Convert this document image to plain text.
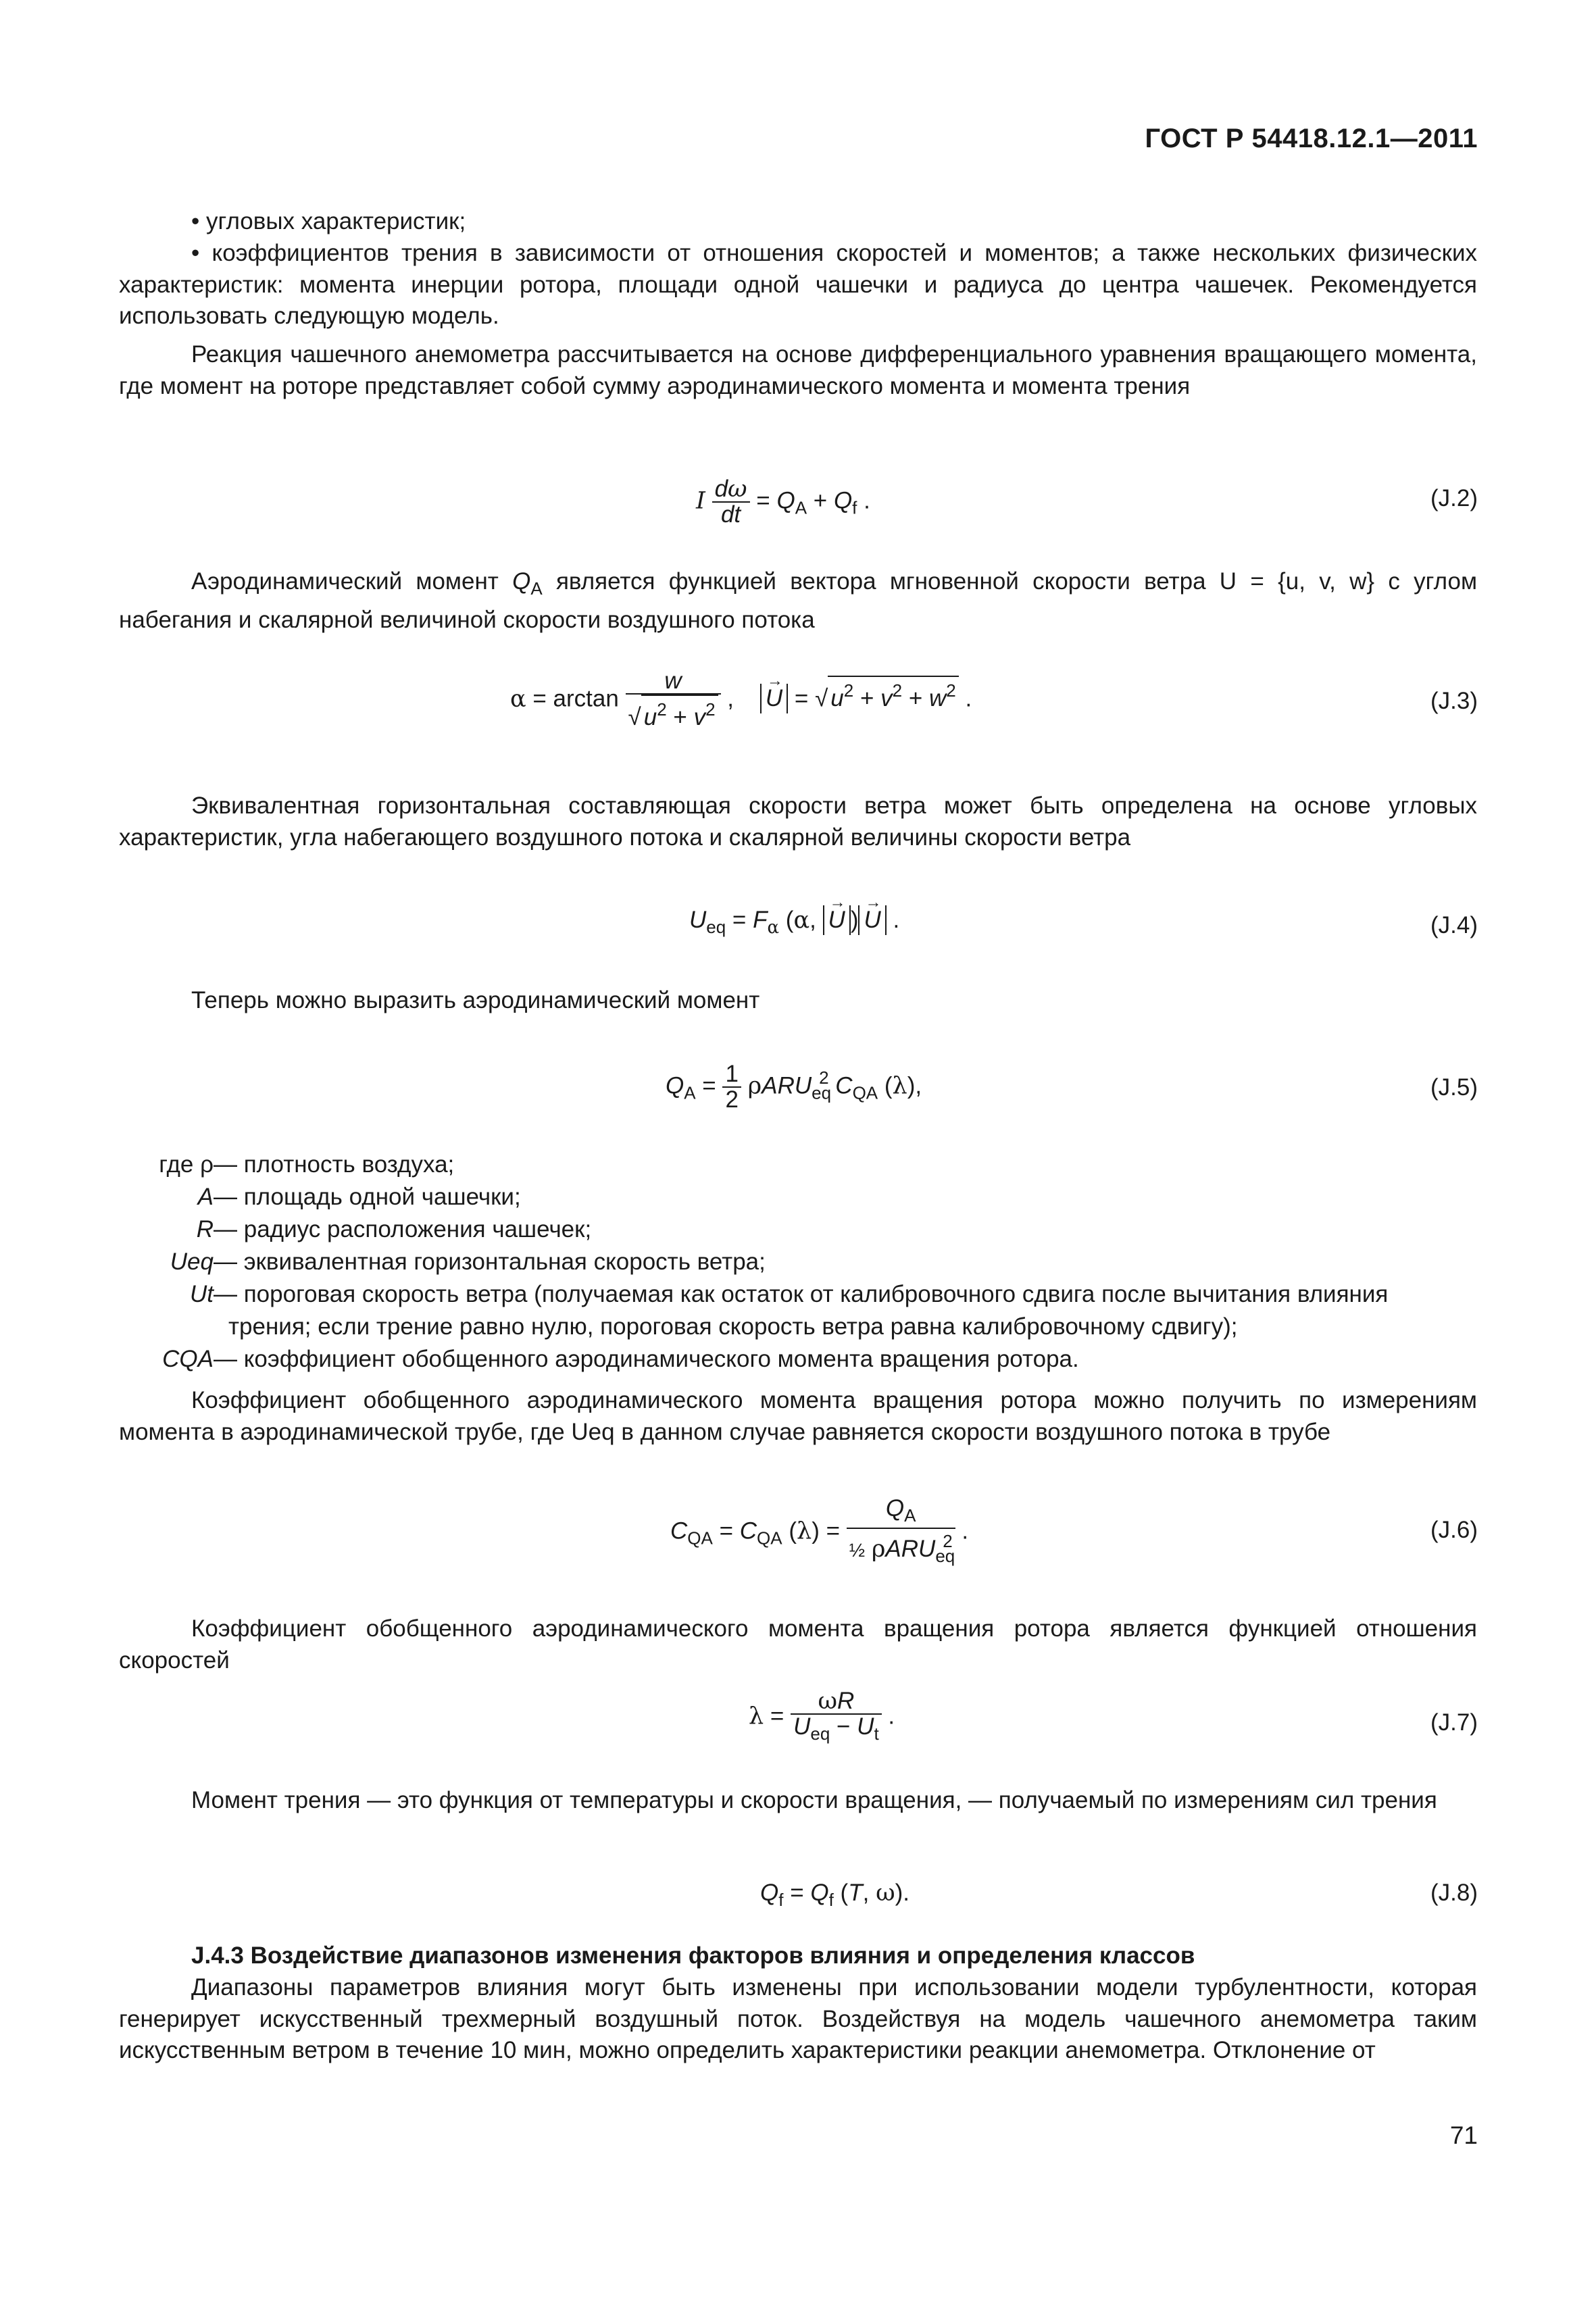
ГОСТ Р 54418.12.1—2011
• угловых характеристик;
• коэффициентов трения в зависимости от отношения скоростей и моментов; а также нескольких физических характеристик: момента инерции ротора, площади одной чашечки и радиуса до центра чашечек. Рекомендуется использовать следующую модель.
Реакция чашечного анемометра рассчитывается на основе дифференциального уравнения вращающего момента, где момент на роторе представляет собой сумму аэродинамического момента и момента трения
I $\frac{d\omega}{dt} = Q_A + Q_f$ .	(J.2)
Аэродинамический момент $Q_A$ является функцией вектора мгновенной скорости ветра U = {u, v, w} с углом набегания и скалярной величиной скорости воздушного потока
$\alpha = \arctan \frac{w}{√ u^2 + v^2}$ ,    → U = √ $u^2 + v^2 + w^2$ .	(J.3)
Эквивалентная горизонтальная составляющая скорости ветра может быть определена на основе угловых характеристик, угла набегающего воздушного потока и скалярной величины скорости ветра
$U_{eq} = F_\alpha$ (α, → U )→ U .	(J.4)
Теперь можно выразить аэродинамический момент
$Q_A = \frac{1}{2} \rho ARU_{eq}^2$ $C_{QA}$ (λ),	(J.5)
где ρ — плотность воздуха;
A — площадь одной чашечки;
R — радиус расположения чашечек;
Ueq — эквивалентная горизонтальная скорость ветра;
Ut — пороговая скорость ветра (получаемая как остаток от калибровочного сдвига после вычитания влияния
трения; если трение равно нулю, пороговая скорость ветра равна калибровочному сдвигу);
CQA — коэффициент обобщенного аэродинамического момента вращения ротора.
Коэффициент обобщенного аэродинамического момента вращения ротора можно получить по измерениям момента в аэродинамической трубе, где Ueq в данном случае равняется скорости воздушного потока в трубе
$C_{QA} = C_{QA}$ $(\lambda) = \frac{Q_A}{\frac{1}{2} \rho ARU_{eq}^2}$ .	(J.6)
Коэффициент обобщенного аэродинамического момента вращения ротора является функцией отношения скоростей
$\lambda = \frac{\omega R}{U_{eq} - U_t}$ .	(J.7)
Момент трения — это функция от температуры и скорости вращения, — получаемый по измерениям сил трения
$Q_f = Q_f$ (T, ω).	(J.8)
J.4.3 Воздействие диапазонов изменения факторов влияния и определения классов
Диапазоны параметров влияния могут быть изменены при использовании модели турбулентности, которая генерирует искусственный трехмерный воздушный поток. Воздействуя на модель чашечного анемометра таким искусственным ветром в течение 10 мин, можно определить характеристики реакции анемометра. Отклонение от
71
